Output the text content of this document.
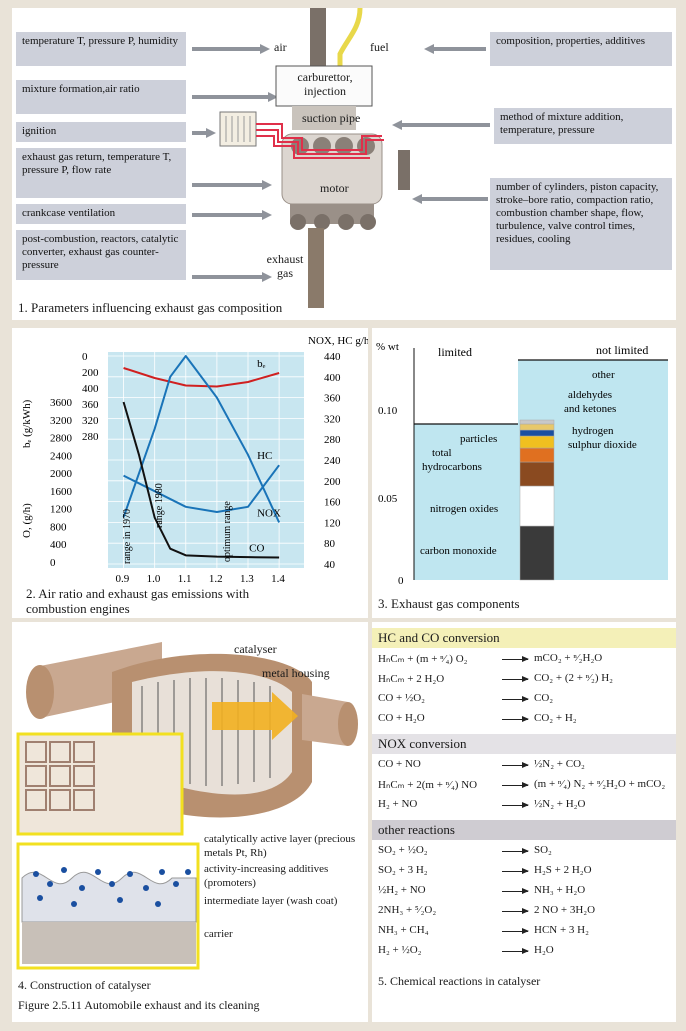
temperature T, pressure P, humidity
mixture formation,air ratio
ignition
exhaust gas return, temperature T, pressure P, flow rate
crankcase ventilation
post-combustion, reactors, catalytic converter, exhaust gas counter-pressure
composition, properties, additives
method of mixture addition, temperature, pressure
number of cylinders, piston capacity, stroke–bore ratio, compaction ratio, combustion chamber shape, flow, turbulence, valve control times, residues, cooling
air	fuel
carburettor, injection
suction pipe
motor
exhaust gas
1. Parameters influencing exhaust gas composition
bₑ
HC
NOX
CO
0.9 1.0 1.1 1.2 1.3 1.4
440
400
360
320
280
240
200
160
120
80
40
3600
3200
2800
2400
2000
1600
1200
800
400
0
0
200
400
360
320
280
bₑ (g/kWh)
O, (g/h)
NOX, HC g/h
range in 1970
range 1980	optimum range
2. Air ratio and exhaust gas emissions with combustion engines
% wt
0
0.05
0.10
limited	not limited
carbon monoxide
nitrogen oxides
total
hydrocarbons
particles	sulphur dioxide
hydrogen
aldehydes
and ketones
other
3. Exhaust gas components
catalyser
metal housing
catalytically active layer (precious metals Pt, Rh)
activity-increasing additives (promoters)
intermediate layer (wash coat)
carrier
4. Construction of catalyser
Figure 2.5.11 Automobile exhaust and its cleaning
HC and CO conversion
HₙCₘ + (m + ⁿ⁄₄) O₂	mCO₂ + ⁿ⁄₂H₂O
HₙCₘ + 2 H₂O	CO₂ + (2 + ⁿ⁄₂) H₂
CO + ½O₂	CO₂
CO + H₂O	CO₂ + H₂
NOX conversion
CO + NO	½N₂ + CO₂
HₙCₘ + 2(m + ⁿ⁄₄) NO	(m + ⁿ⁄₄) N₂ + ⁿ⁄₂H₂O + mCO₂
H₂ + NO	½N₂ + H₂O
other reactions
SO₂ + ½O₂	SO₂
SO₂ + 3 H₂	H₂S + 2 H₂O
½H₂ + NO	NH₃ + H₂O
2NH₃ + ⁵⁄₂O₂	2 NO + 3H₂O
NH₃ + CH₄	HCN + 3 H₂
H₂ + ½O₂	H₂O
5. Chemical reactions in catalyser
